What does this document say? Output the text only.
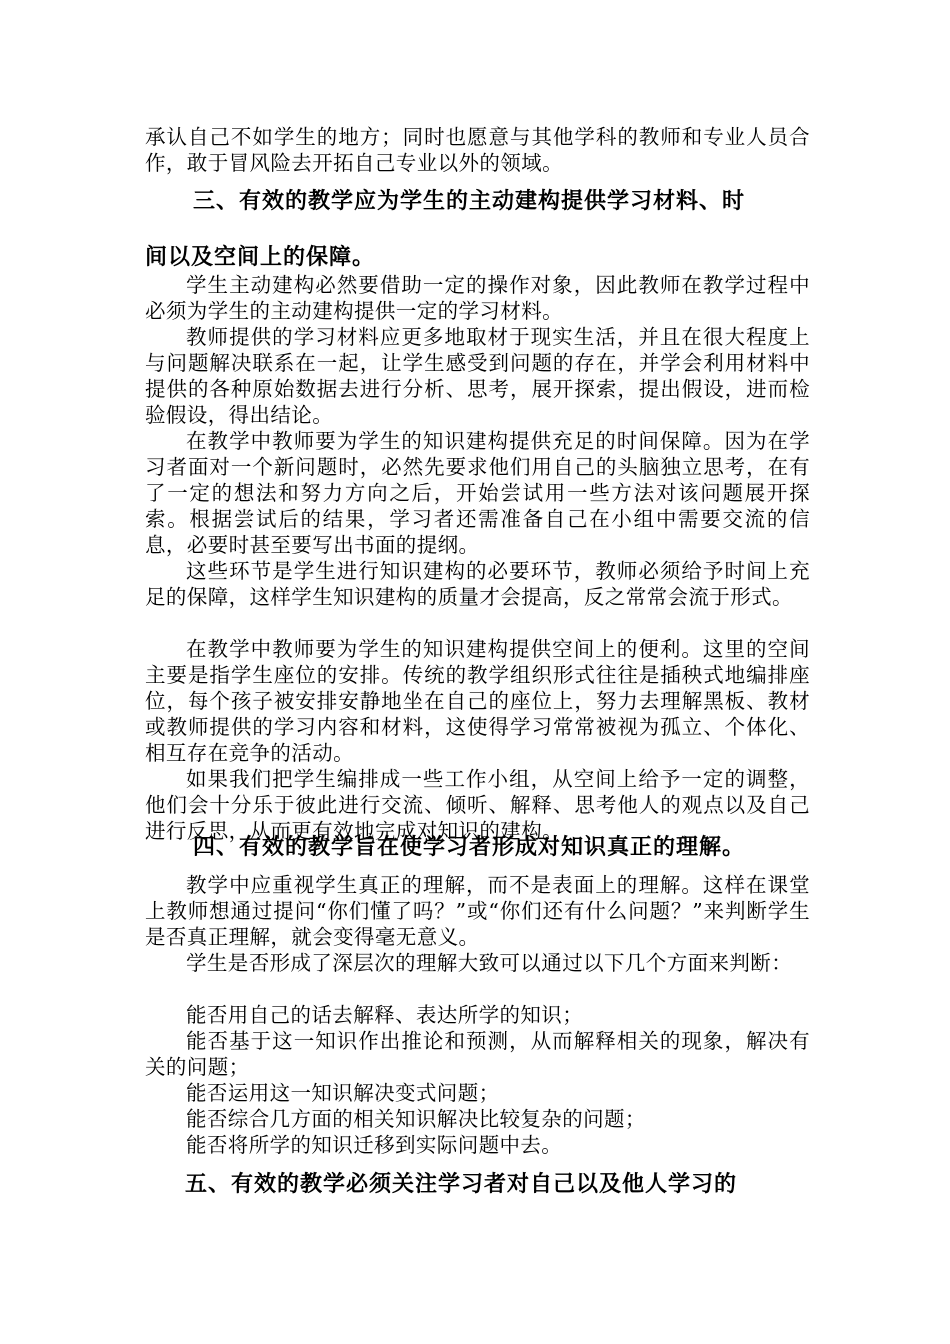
承认自己不如学生的地方；同时也愿意与其他学科的教师和专业人员合作，敢于冒风险去开拓自己专业以外的领域。

三、有效的教学应为学生的主动建构提供学习材料、时
间以及空间上的保障。

学生主动建构必然要借助一定的操作对象，因此教师在教学过程中必须为学生的主动建构提供一定的学习材料。

教师提供的学习材料应更多地取材于现实生活，并且在很大程度上与问题解决联系在一起，让学生感受到问题的存在，并学会利用材料中提供的各种原始数据去进行分析、思考，展开探索，提出假设，进而检验假设，得出结论。

在教学中教师要为学生的知识建构提供充足的时间保障。因为在学习者面对一个新问题时，必然先要求他们用自己的头脑独立思考，在有了一定的想法和努力方向之后，开始尝试用一些方法对该问题展开探索。根据尝试后的结果，学习者还需准备自己在小组中需要交流的信息，必要时甚至要写出书面的提纲。

这些环节是学生进行知识建构的必要环节，教师必须给予时间上充足的保障，这样学生知识建构的质量才会提高，反之常常会流于形式。

在教学中教师要为学生的知识建构提供空间上的便利。这里的空间主要是指学生座位的安排。传统的教学组织形式往往是插秧式地编排座位，每个孩子被安排安静地坐在自己的座位上，努力去理解黑板、教材或教师提供的学习内容和材料，这使得学习常常被视为孤立、个体化、相互存在竞争的活动。

如果我们把学生编排成一些工作小组，从空间上给予一定的调整，他们会十分乐于彼此进行交流、倾听、解释、思考他人的观点以及自己进行反思，从而更有效地完成对知识的建构。

四、有效的教学旨在使学习者形成对知识真正的理解。

教学中应重视学生真正的理解，而不是表面上的理解。这样在课堂上教师想通过提问“你们懂了吗？”或“你们还有什么问题？”来判断学生是否真正理解，就会变得毫无意义。

学生是否形成了深层次的理解大致可以通过以下几个方面来判断：

能否用自己的话去解释、表达所学的知识；

能否基于这一知识作出推论和预测，从而解释相关的现象，解决有关的问题；

能否运用这一知识解决变式问题；

能否综合几方面的相关知识解决比较复杂的问题；

能否将所学的知识迁移到实际问题中去。

五、有效的教学必须关注学习者对自己以及他人学习的
